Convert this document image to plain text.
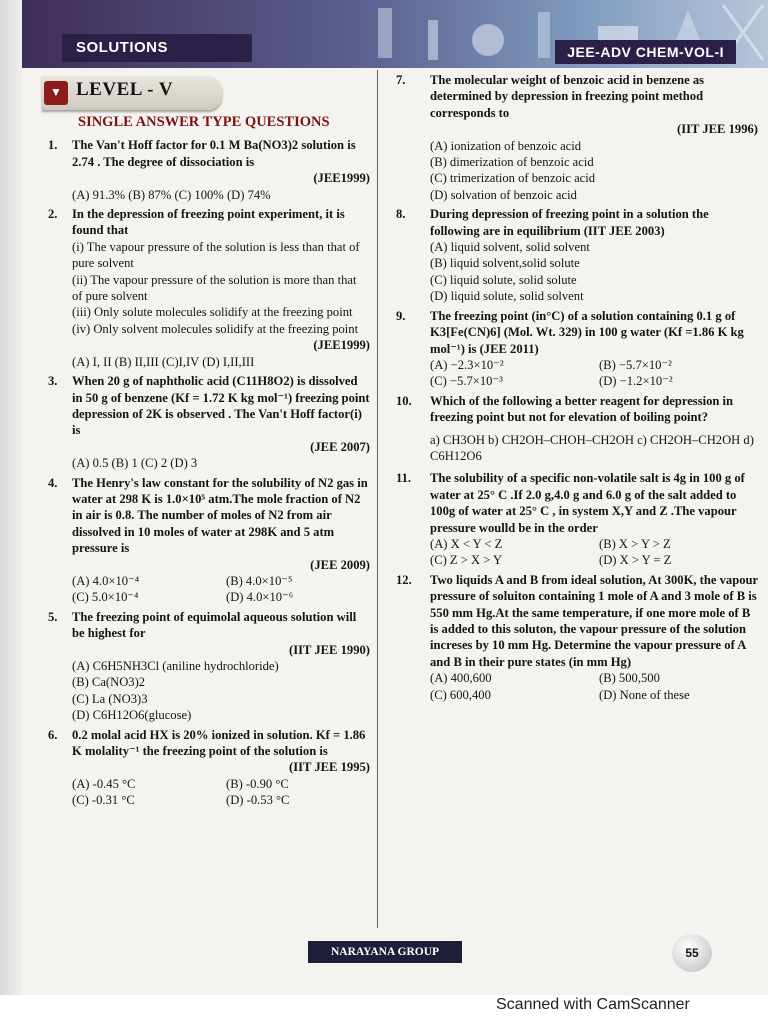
SOLUTIONS	JEE-ADV CHEM-VOL-I
▼
LEVEL - V
SINGLE ANSWER TYPE QUESTIONS
1. The Van't Hoff factor for 0.1 M Ba(NO3)2 solution is 2.74 . The degree of dissociation is
(JEE1999)
(A) 91.3% (B) 87% (C) 100% (D) 74%
2. In the depression of freezing point experiment, it is found that
(i) The vapour pressure of the solution is less than that of pure solvent
(ii) The vapour pressure of the solution is more than that of pure solvent
(iii) Only solute molecules solidify at the freezing point
(iv) Only solvent molecules solidify at the freezing point
(JEE1999)
(A) I, II (B) II,III (C)I,IV (D) I,II,III
3. When 20 g of naphtholic acid (C11H8O2) is dissolved in 50 g of benzene (Kf = 1.72 K kg mol⁻¹) freezing point depression of 2K is observed . The Van't Hoff factor(i) is
(JEE 2007)
(A) 0.5 (B) 1 (C) 2 (D) 3
4. The Henry's law constant for the solubility of N2 gas in water at 298 K is 1.0×10⁵ atm.The mole fraction of N2 in air is 0.8. The number of moles of N2 from air dissolved in 10 moles of water at 298K and 5 atm pressure is
(JEE 2009)
(A) 4.0×10⁻⁴	(B) 4.0×10⁻⁵
(C) 5.0×10⁻⁴	(D) 4.0×10⁻⁶
5. The freezing point of equimolal aqueous solution will be highest for
(IIT JEE 1990)
(A) C6H5NH3Cl (aniline hydrochloride)
(B) Ca(NO3)2
(C) La (NO3)3
(D) C6H12O6(glucose)
6. 0.2 molal acid HX is 20% ionized in solution. Kf = 1.86 K molality⁻¹ the freezing point of the solution is
(IIT JEE 1995)
(A) -0.45 °C	(B) -0.90 °C
(C) -0.31 °C	(D) -0.53 °C
7. The molecular weight of benzoic acid in benzene as determined by depression in freezing point method corresponds to
(IIT JEE 1996)
(A) ionization of benzoic acid
(B) dimerization of benzoic acid
(C) trimerization of benzoic acid
(D) solvation of benzoic acid
8. During depression of freezing point in a solution the following are in equilibrium (IIT JEE 2003)
(A) liquid solvent, solid solvent
(B) liquid solvent,solid solute
(C) liquid solute, solid solute
(D) liquid solute, solid solvent
9. The freezing point (in°C) of a solution containing 0.1 g of K3[Fe(CN)6] (Mol. Wt. 329) in 100 g water (Kf =1.86 K kg mol⁻¹) is (JEE 2011)
(A) −2.3×10⁻²	(B) −5.7×10⁻²
(C) −5.7×10⁻³	(D) −1.2×10⁻²
10. Which of the following a better reagent for depression in freezing point but not for elevation of boiling point?
a) CH3OH b) CH2OH–CHOH–CH2OH c) CH2OH–CH2OH d) C6H12O6
11. The solubility of a specific non-volatile salt is 4g in 100 g of water at 25° C .If 2.0 g,4.0 g and 6.0 g of the salt added to 100g of water at 25° C , in system X,Y and Z .The vapour pressure woulld be in the order
(A) X < Y < Z	(B) X > Y > Z
(C) Z > X > Y	(D) X > Y = Z
12. Two liquids A and B from ideal solution, At 300K, the vapour pressure of soluiton containing 1 mole of A and 3 mole of B is 550 mm Hg.At the same temperature, if one more mole of B is added to this soluton, the vapour pressure of the solution increses by 10 mm Hg. Determine the vapour pressure of A and B in their pure states (in mm Hg)
(A) 400,600	(B) 500,500
(C) 600,400	(D) None of these
NARAYANA GROUP	55
Scanned with CamScanner
